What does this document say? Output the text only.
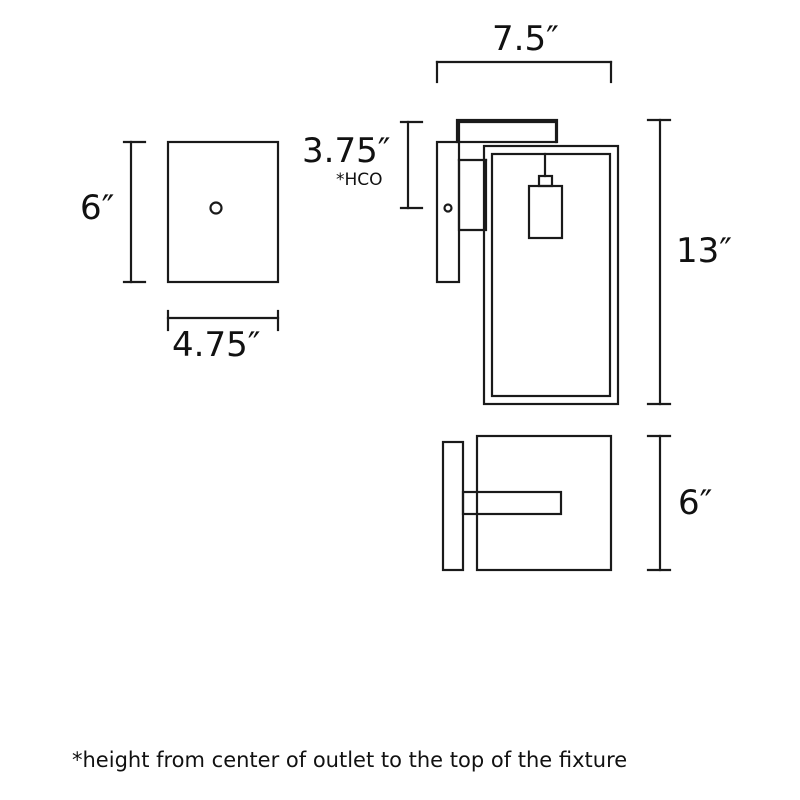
6″
4.75″
7.5″
3.75″
*HCO
13″
6″
*height from center of outlet to the top of the fixture
